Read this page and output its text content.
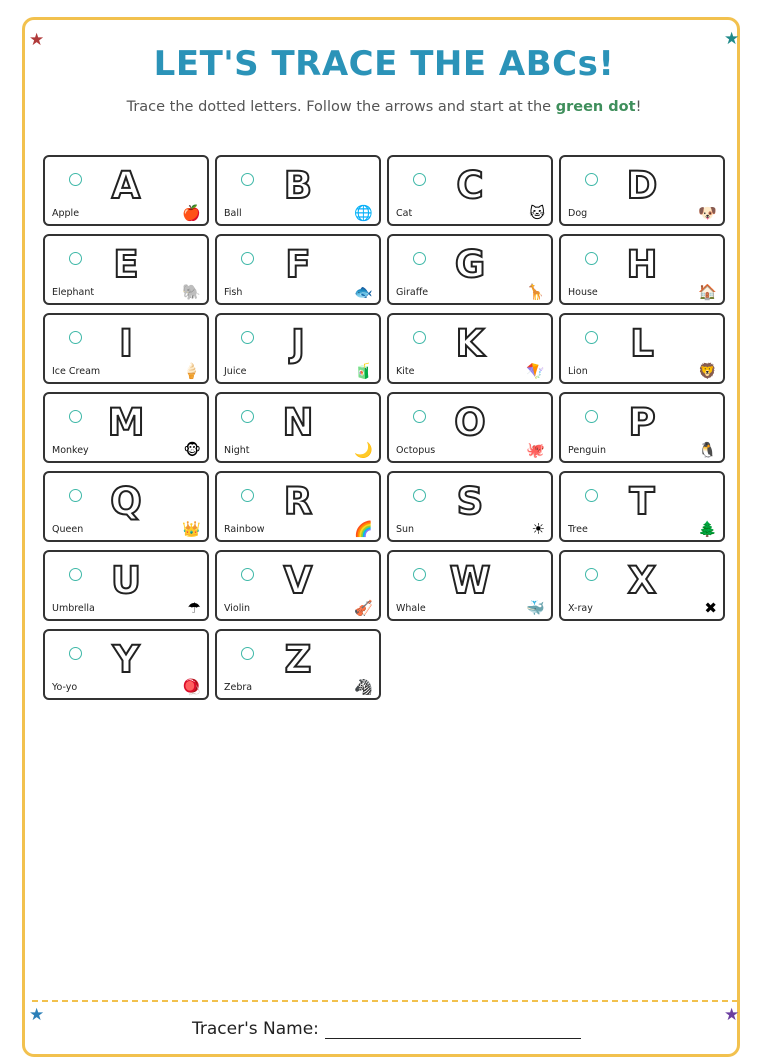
★	★
★	★
LET'S TRACE THE ABCs!
Trace the dotted letters. Follow the arrows and start at the green dot!
A
Apple	🍎
B
Ball	🌐
C
Cat	🐱
D
Dog	🐶
E
Elephant	🐘
F
Fish	🐟
G
Giraffe	🦒
H
House	🏠
I
Ice Cream	🍦
J
Juice	🧃
K
Kite	🪁
L
Lion	🦁
M
Monkey	🐵
N
Night	🌙
O
Octopus	🐙
P
Penguin	🐧
Q
Queen	👑
R
Rainbow	🌈
S
Sun	☀
T
Tree	🌲
U
Umbrella	☂
V
Violin	🎻
W
Whale	🐳
X
X-ray	✖
Y
Yo-yo	🪀
Z
Zebra	🦓
Tracer's Name:
